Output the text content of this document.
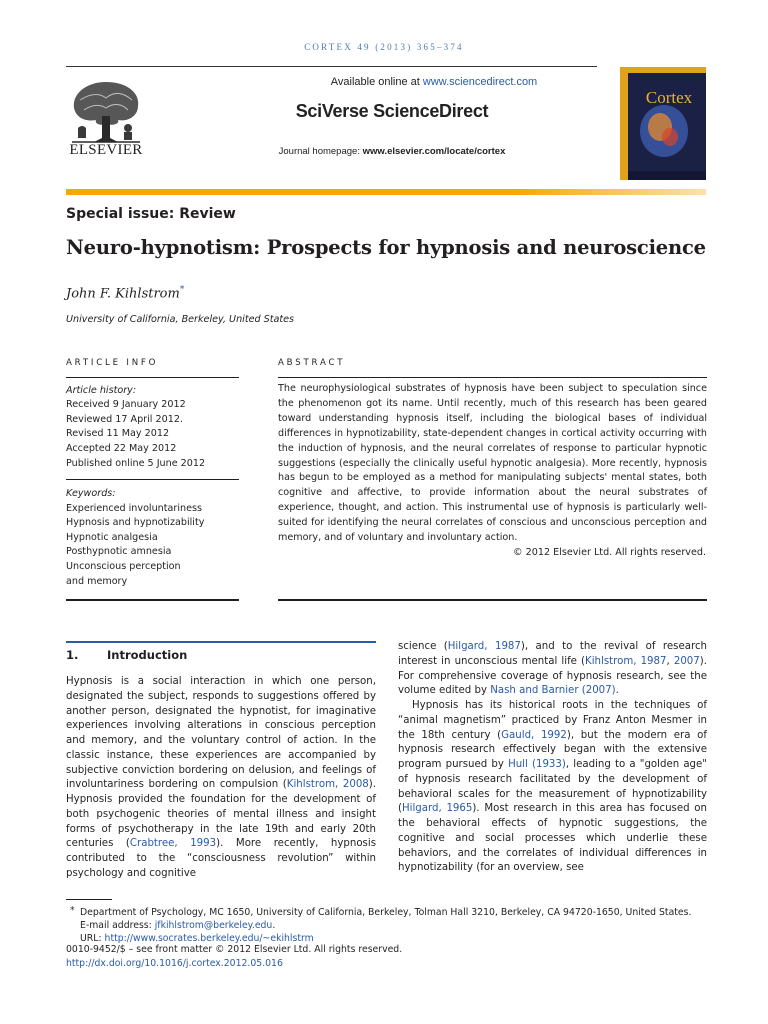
CORTEX 49 (2013) 365–374
ELSEVIER
Available online at www.sciencedirect.com
SciVerse ScienceDirect
Journal homepage: www.elsevier.com/locate/cortex
Cortex
Special issue: Review
Neuro-hypnotism: Prospects for hypnosis and neuroscience
John F. Kihlstrom*
University of California, Berkeley, United States
ARTICLE INFO	ABSTRACT
Article history:
Received 9 January 2012
Reviewed 17 April 2012.
Revised 11 May 2012
Accepted 22 May 2012
Published online 5 June 2012
Keywords:
Experienced involuntariness
Hypnosis and hypnotizability
Hypnotic analgesia
Posthypnotic amnesia
Unconscious perception
and memory
The neurophysiological substrates of hypnosis have been subject to speculation since the phenomenon got its name. Until recently, much of this research has been geared toward understanding hypnosis itself, including the biological bases of individual differences in hypnotizability, state-dependent changes in cortical activity occurring with the induction of hypnosis, and the neural correlates of response to particular hypnotic suggestions (especially the clinically useful hypnotic analgesia). More recently, hypnosis has begun to be employed as a method for manipulating subjects' mental states, both cognitive and affective, to provide information about the neural substrates of experience, thought, and action. This instrumental use of hypnosis is particularly well-suited for identifying the neural correlates of conscious and unconscious perception and memory, and of voluntary and involuntary action.
© 2012 Elsevier Ltd. All rights reserved.
1. Introduction

Hypnosis is a social interaction in which one person, designated the subject, responds to suggestions offered by another person, designated the hypnotist, for imaginative experiences involving alterations in conscious perception and memory, and the voluntary control of action. In the classic instance, these experiences are accompanied by subjective conviction bordering on delusion, and feelings of involuntariness bordering on compulsion (Kihlstrom, 2008). Hypnosis provided the foundation for the development of both psychogenic theories of mental illness and insight forms of psychotherapy in the late 19th and early 20th centuries (Crabtree, 1993). More recently, hypnosis contributed to the “consciousness revolution” within psychology and cognitive

science (Hilgard, 1987), and to the revival of research interest in unconscious mental life (Kihlstrom, 1987, 2007). For comprehensive coverage of hypnosis research, see the volume edited by Nash and Barnier (2007).

Hypnosis has its historical roots in the techniques of “animal magnetism” practiced by Franz Anton Mesmer in the 18th century (Gauld, 1992), but the modern era of hypnosis research effectively began with the extensive program pursued by Hull (1933), leading to a "golden age" of hypnosis research facilitated by the development of behavioral scales for the measurement of hypnotizability (Hilgard, 1965). Most research in this area has focused on the behavioral effects of hypnotic suggestions, the cognitive and social processes which underlie these behaviors, and the correlates of individual differences in hypnotizability (for an overview, see

* Department of Psychology, MC 1650, University of California, Berkeley, Tolman Hall 3210, Berkeley, CA 94720-1650, United States.
E-mail address: jfkihlstrom@berkeley.edu.
URL: http://www.socrates.berkeley.edu/~ekihlstrm
0010-9452/$ – see front matter © 2012 Elsevier Ltd. All rights reserved.
http://dx.doi.org/10.1016/j.cortex.2012.05.016
